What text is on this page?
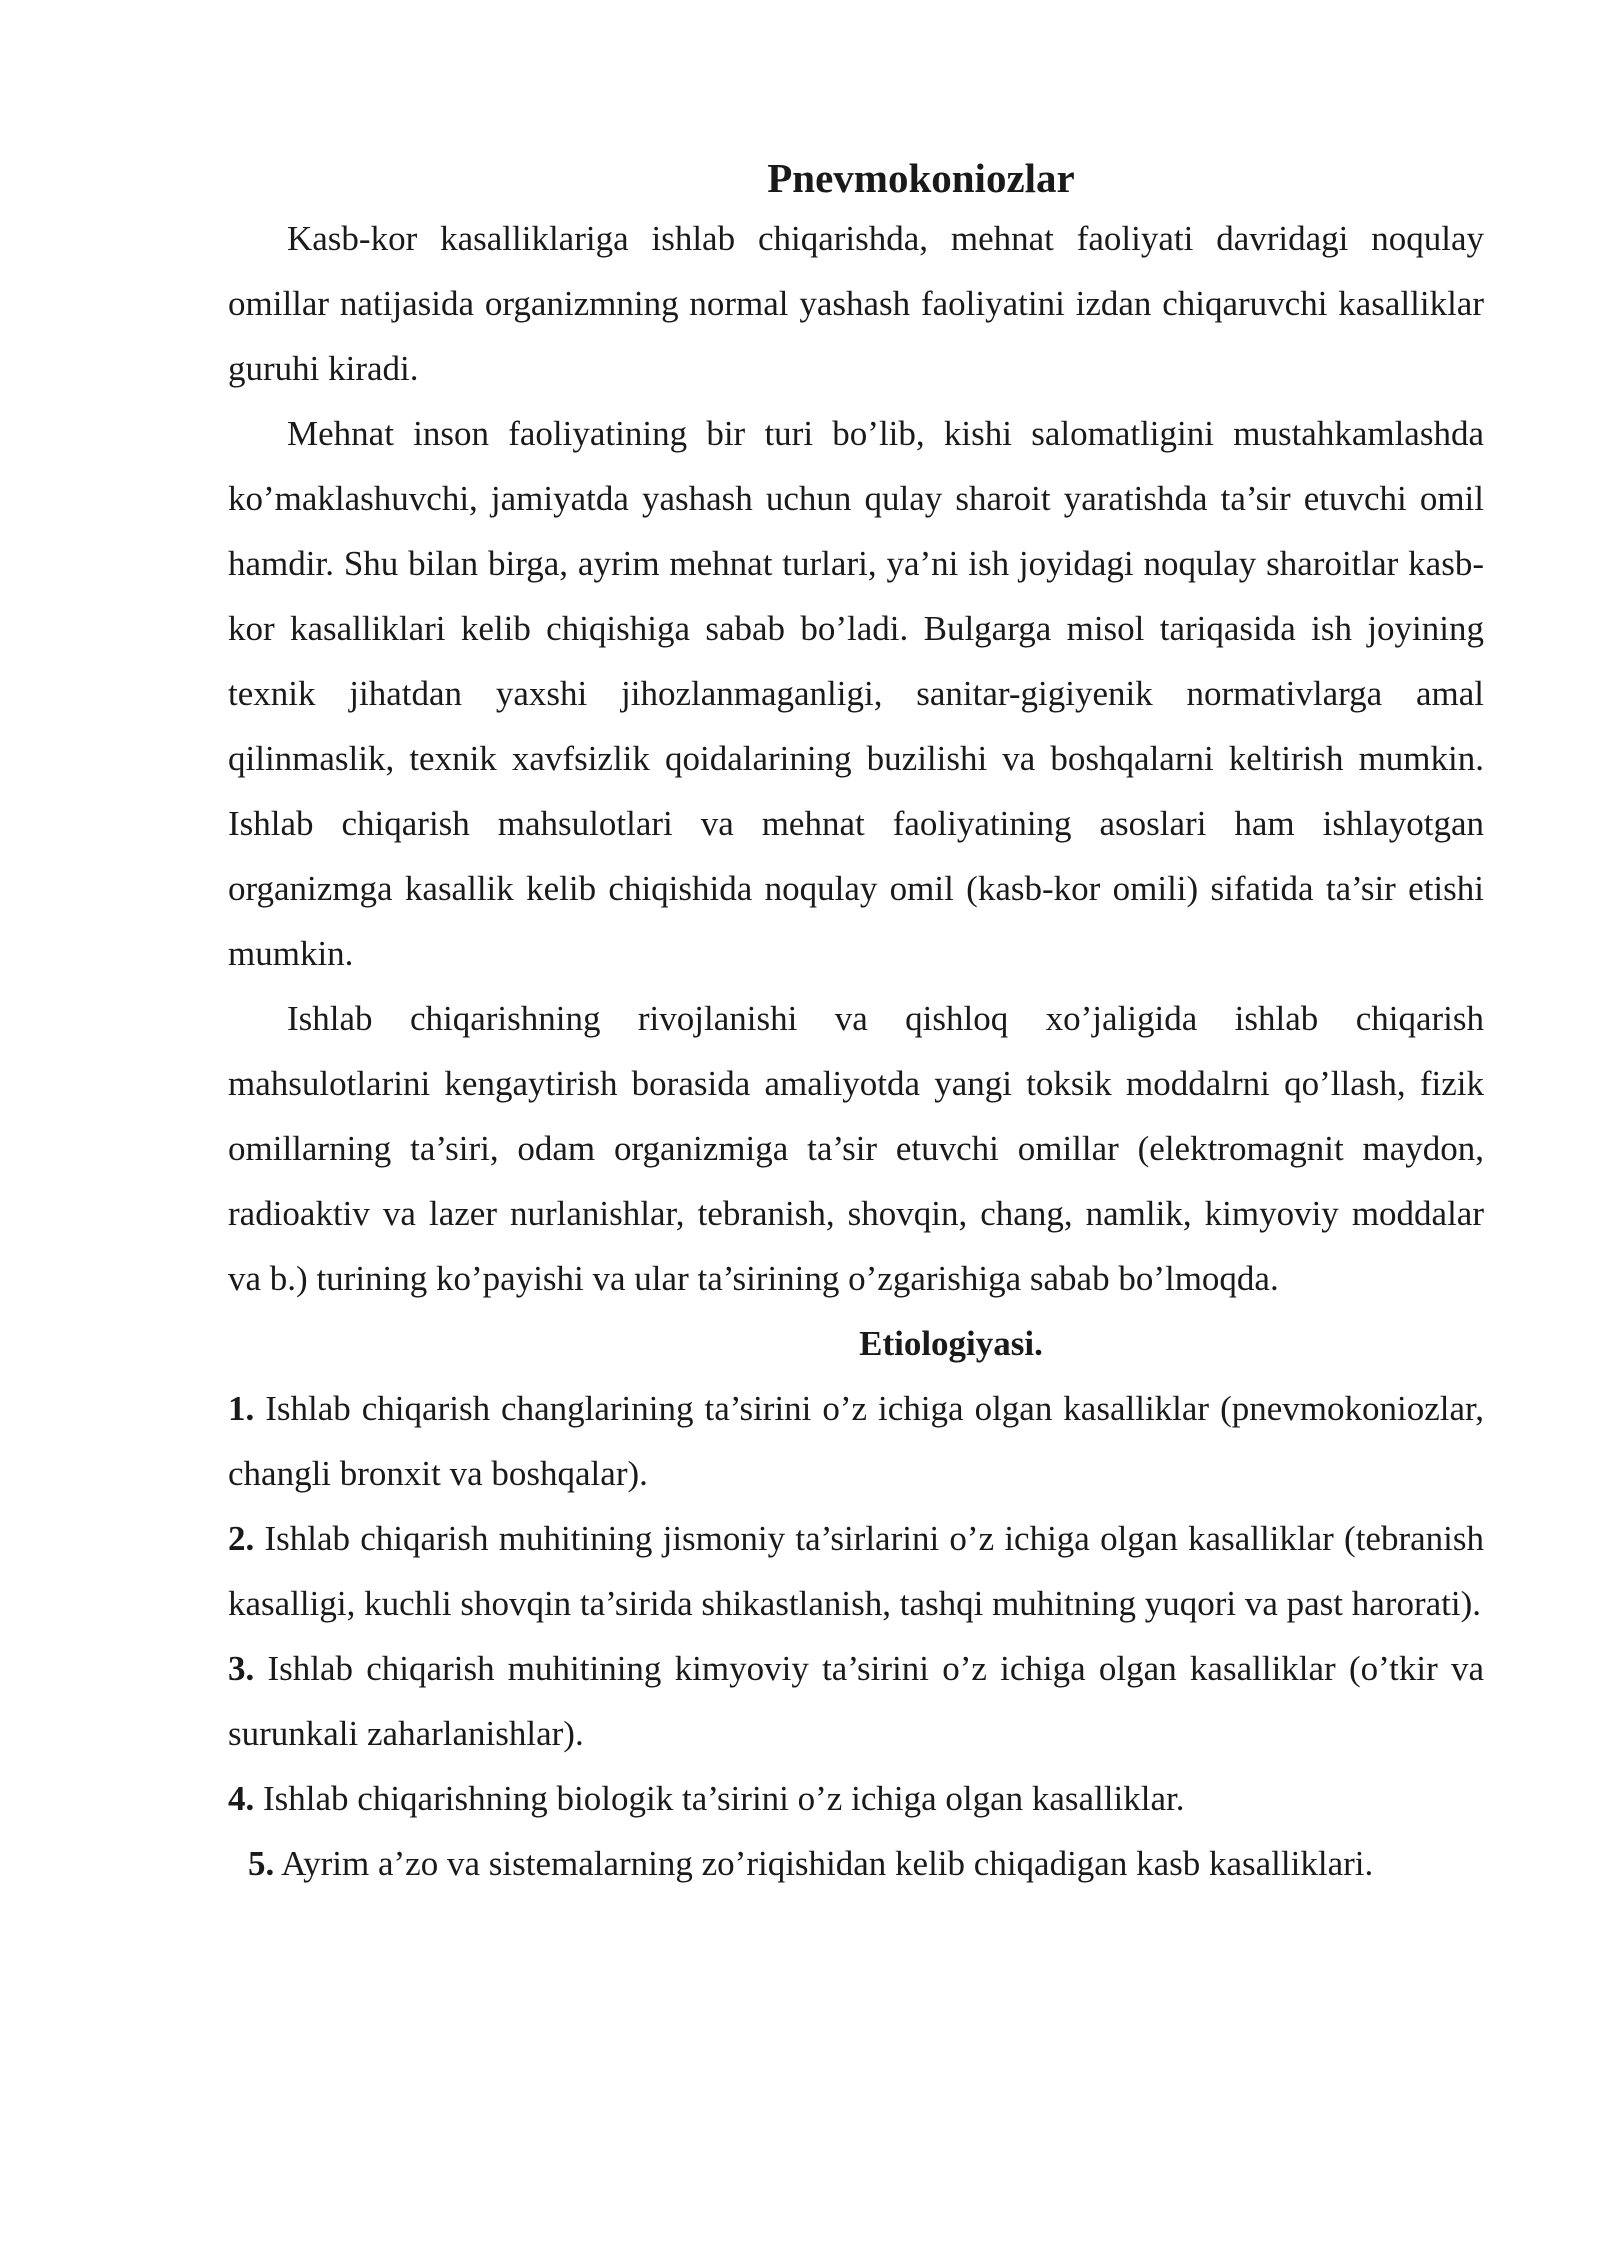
Pnevmokoniozlar

Kasb-kor kasalliklariga ishlab chiqarishda, mehnat faoliyati davridagi noqulay omillar natijasida organizmning normal yashash faoliyatini izdan chiqaruvchi kasalliklar guruhi kiradi.

Mehnat inson faoliyatining bir turi bo’lib, kishi salomatligini mustahkamlashda ko’maklashuvchi, jamiyatda yashash uchun qulay sharoit yaratishda ta’sir etuvchi omil hamdir. Shu bilan birga, ayrim mehnat turlari, ya’ni ish joyidagi noqulay sharoitlar kasb-kor kasalliklari kelib chiqishiga sabab bo’ladi. Bulgarga misol tariqasida ish joyining texnik jihatdan yaxshi jihozlanmaganligi, sanitar-gigiyenik normativlarga amal qilinmaslik, texnik xavfsizlik qoidalarining buzilishi va boshqalarni keltirish mumkin. Ishlab chiqarish mahsulotlari va mehnat faoliyatining asoslari ham ishlayotgan organizmga kasallik kelib chiqishida noqulay omil (kasb-kor omili) sifatida ta’sir etishi mumkin.

Ishlab chiqarishning rivojlanishi va qishloq xo’jaligida ishlab chiqarish mahsulotlarini kengaytirish borasida amaliyotda yangi toksik moddalrni qo’llash, fizik omillarning ta’siri, odam organizmiga ta’sir etuvchi omillar (elektromagnit maydon, radioaktiv va lazer nurlanishlar, tebranish, shovqin, chang, namlik, kimyoviy moddalar va b.) turining ko’payishi va ular ta’sirining o’zgarishiga sabab bo’lmoqda.

Etiologiyasi.

1. Ishlab chiqarish changlarining ta’sirini o’z ichiga olgan kasalliklar (pnevmokoniozlar, changli bronxit va boshqalar).

2. Ishlab chiqarish muhitining jismoniy ta’sirlarini o’z ichiga olgan kasalliklar (tebranish kasalligi, kuchli shovqin ta’sirida shikastlanish, tashqi muhitning yuqori va past harorati).

3. Ishlab chiqarish muhitining kimyoviy ta’sirini o’z ichiga olgan kasalliklar (o’tkir va surunkali zaharlanishlar).

4. Ishlab chiqarishning biologik ta’sirini o’z ichiga olgan kasalliklar.

5. Ayrim a’zo va sistemalarning zo’riqishidan kelib chiqadigan kasb kasalliklari.
